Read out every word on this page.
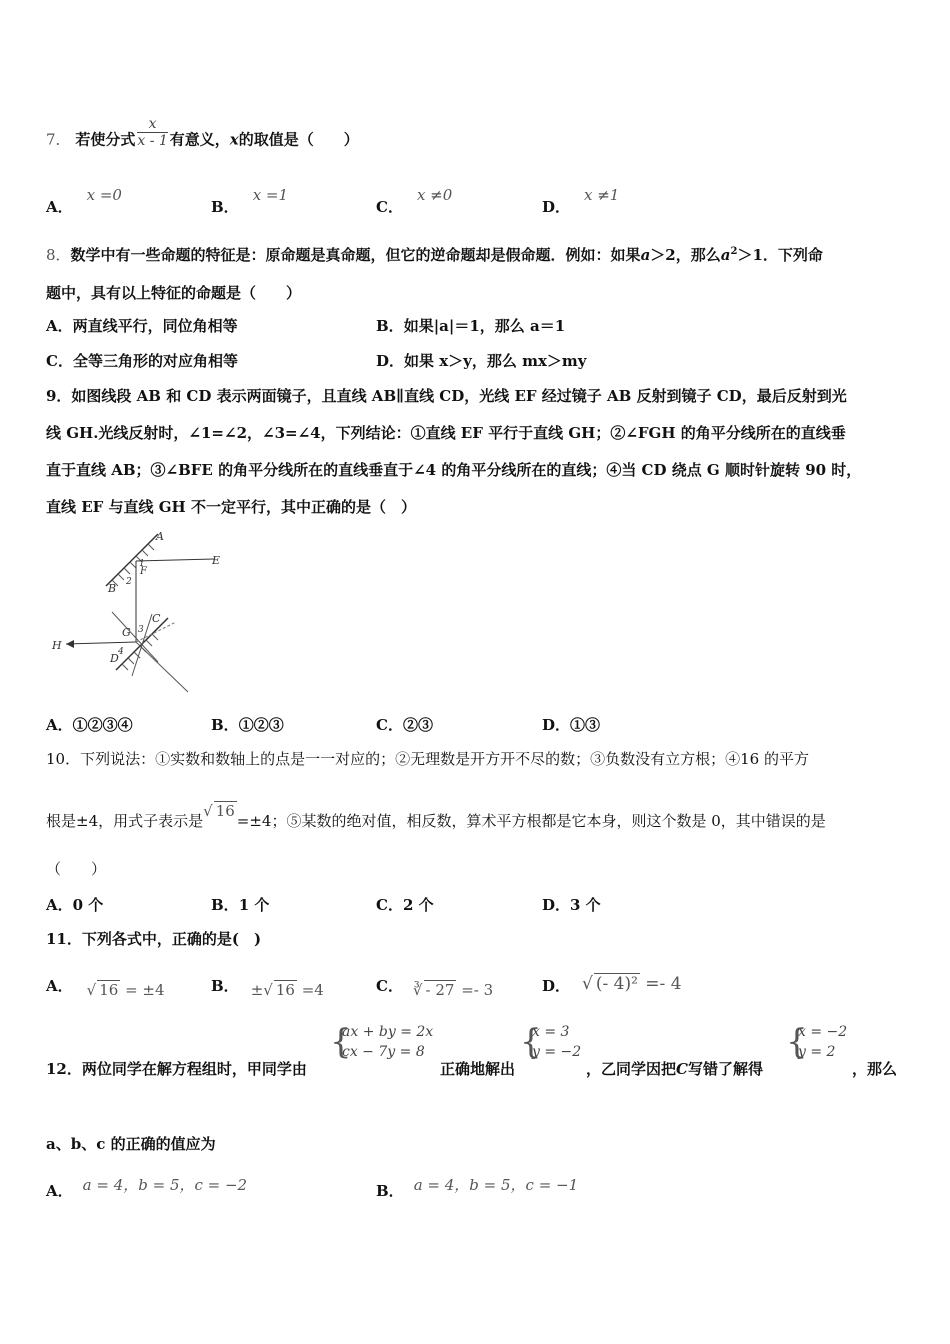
7． 若使分式 $\frac{x}{x - 1}$ 有意义，x的取值是（　　）
A．x =0
B．x =1
C．x ≠0
D．x ≠1
8．数学中有一些命题的特征是：原命题是真命题，但它的逆命题却是假命题．例如：如果a＞2，那么$a^2>1$．下列命
题中，具有以上特征的命题是（　　）
A．两直线平行，同位角相等	B．如果|a|＝1，那么 a＝1
C．全等三角形的对应角相等	D．如果 x＞y，那么 mx＞my
9．如图线段 AB 和 CD 表示两面镜子，且直线 AB∥直线 CD，光线 EF 经过镜子 AB 反射到镜子 CD，最后反射到光
线 GH.光线反射时，∠1=∠2，∠3=∠4，下列结论：①直线 EF 平行于直线 GH；②∠FGH 的角平分线所在的直线垂
直于直线 AB；③∠BFE 的角平分线所在的直线垂直于∠4 的角平分线所在的直线；④当 CD 绕点 G 顺时针旋转 90 时，
直线 EF 与直线 GH 不一定平行，其中正确的是（　）
A
B
E
F
1
2
G
C
3
4
H
D
A．①②③④	B．①②③	C．②③	D．①③
10．下列说法：①实数和数轴上的点是一一对应的；②无理数是开方开不尽的数；③负数没有立方根；④16 的平方
根是±4，用式子表示是√ 16=±4；⑤某数的绝对值，相反数，算术平方根都是它本身，则这个数是 0，其中错误的是
（　　）
A．0 个	B．1 个	C．2 个	D．3 个
11．下列各式中，正确的是(　)
A． √ 16 = ±4	B． ±√ 16 =4	C． ∛ - 27 =- 3	D． √ (- 4)² =- 4
12．两位同学在解方程组时，甲同学由
{
ax + by = 2x
cx − 7y = 8
正确地解出
{
x = 3
y = −2
，乙同学因把C写错了解得
{
x = −2
y = 2
，那么
a、b、c 的正确的值应为
A． a = 4，b = 5，c = −2	B． a = 4，b = 5，c = −1
